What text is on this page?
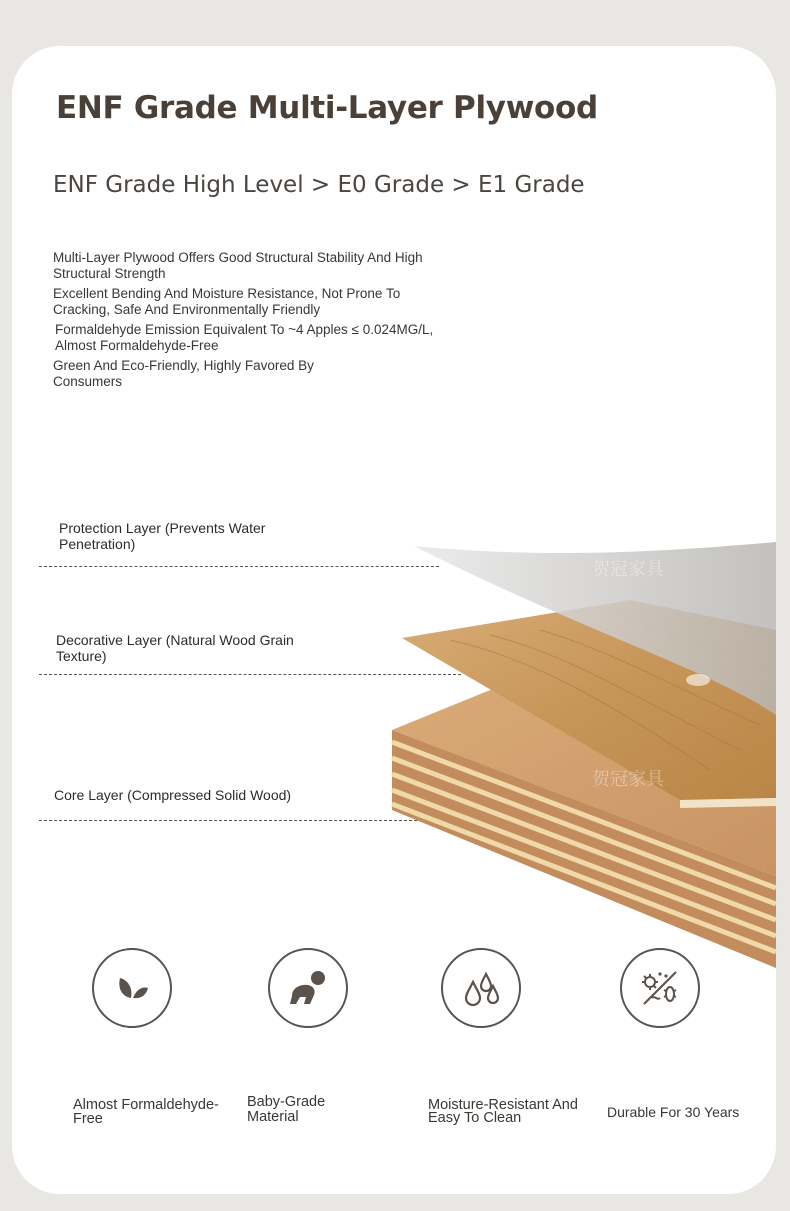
ENF Grade Multi-Layer Plywood
ENF Grade High Level > E0 Grade > E1 Grade
Multi-Layer Plywood Offers Good Structural Stability And High Structural Strength
Excellent Bending And Moisture Resistance, Not Prone To Cracking, Safe And Environmentally Friendly
Formaldehyde Emission Equivalent To ~4 Apples ≤ 0.024MG/L, Almost Formaldehyde-Free
Green And Eco-Friendly, Highly Favored By Consumers
贺冠家具
贺冠家具
Protection Layer (Prevents Water Penetration)
Decorative Layer (Natural Wood Grain Texture)
Core Layer (Compressed Solid Wood)
Almost Formaldehyde-Free
Baby-Grade Material
Moisture-Resistant And Easy To Clean	Durable For 30 Years
